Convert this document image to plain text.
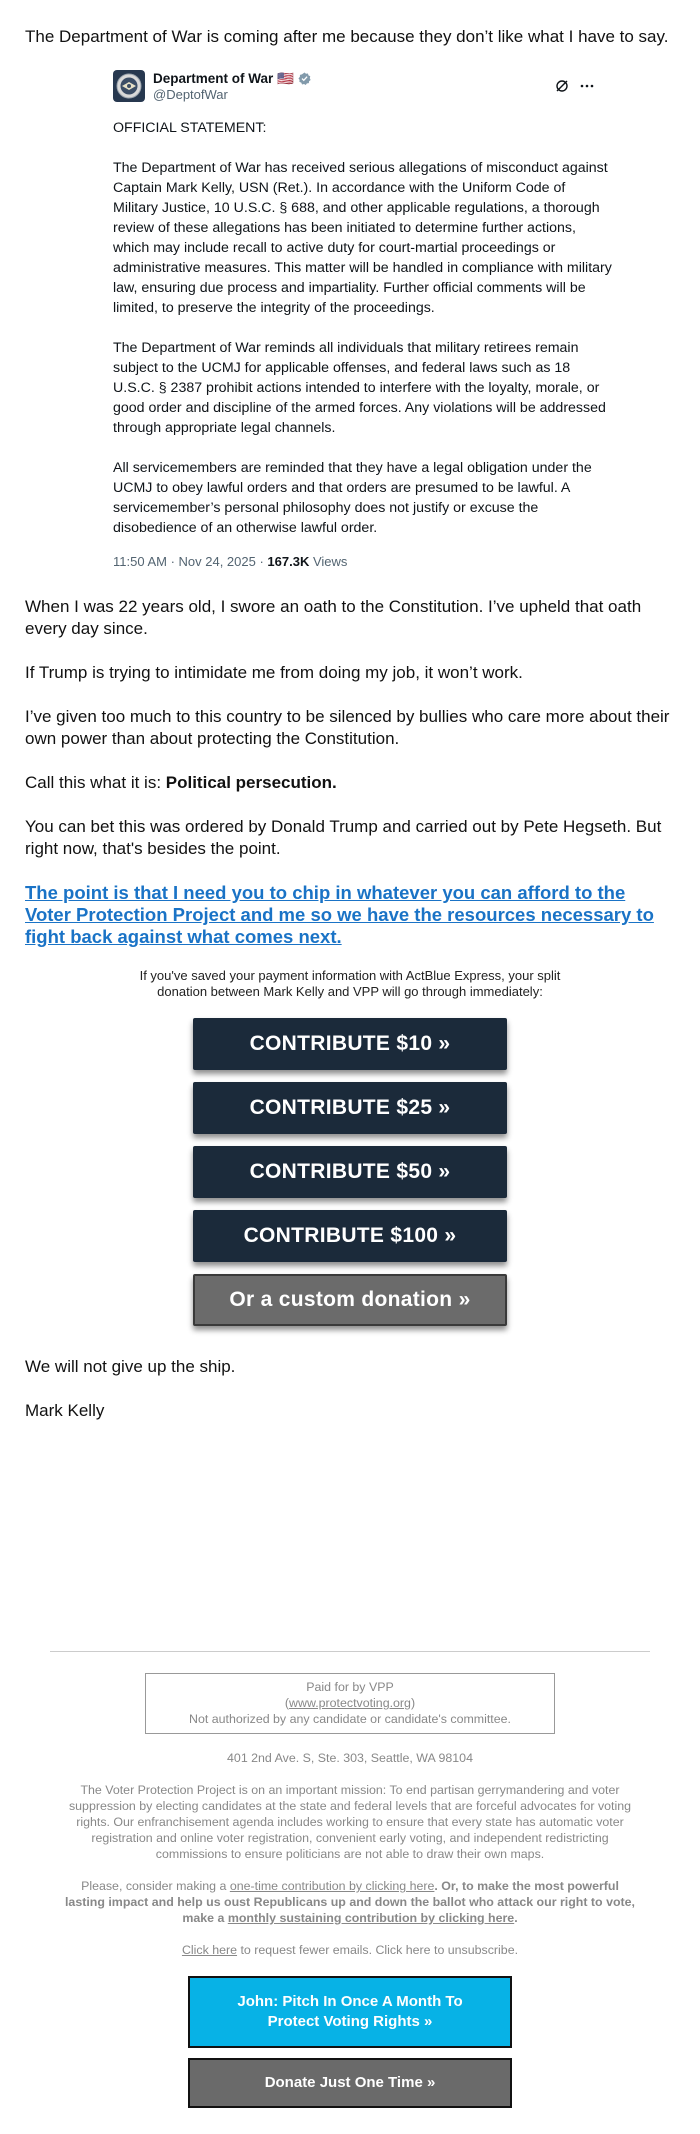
The Department of War is coming after me because they don’t like what I have to say.

Department of War 🇺🇸
@DeptofWar

OFFICIAL STATEMENT:

The Department of War has received serious allegations of misconduct against Captain Mark Kelly, USN (Ret.). In accordance with the Uniform Code of Military Justice, 10 U.S.C. § 688, and other applicable regulations, a thorough review of these allegations has been initiated to determine further actions, which may include recall to active duty for court-martial proceedings or administrative measures. This matter will be handled in compliance with military law, ensuring due process and impartiality. Further official comments will be limited, to preserve the integrity of the proceedings.

The Department of War reminds all individuals that military retirees remain subject to the UCMJ for applicable offenses, and federal laws such as 18 U.S.C. § 2387 prohibit actions intended to interfere with the loyalty, morale, or good order and discipline of the armed forces. Any violations will be addressed through appropriate legal channels.

All servicemembers are reminded that they have a legal obligation under the UCMJ to obey lawful orders and that orders are presumed to be lawful. A servicemember’s personal philosophy does not justify or excuse the disobedience of an otherwise lawful order.

11:50 AM · Nov 24, 2025 · 167.3K Views

When I was 22 years old, I swore an oath to the Constitution. I’ve upheld that oath every day since.

If Trump is trying to intimidate me from doing my job, it won’t work.

I’ve given too much to this country to be silenced by bullies who care more about their own power than about protecting the Constitution.

Call this what it is: Political persecution.

You can bet this was ordered by Donald Trump and carried out by Pete Hegseth. But right now, that's besides the point.

The point is that I need you to chip in whatever you can afford to the Voter Protection Project and me so we have the resources necessary to fight back against what comes next.

If you've saved your payment information with ActBlue Express, your split donation between Mark Kelly and VPP will go through immediately:

CONTRIBUTE $10 »
CONTRIBUTE $25 »
CONTRIBUTE $50 »
CONTRIBUTE $100 »
Or a custom donation »

We will not give up the ship.

Mark Kelly

Paid for by VPP
(www.protectvoting.org)
Not authorized by any candidate or candidate's committee.
401 2nd Ave. S, Ste. 303, Seattle, WA 98104
The Voter Protection Project is on an important mission: To end partisan gerrymandering and voter suppression by electing candidates at the state and federal levels that are forceful advocates for voting rights. Our enfranchisement agenda includes working to ensure that every state has automatic voter registration and online voter registration, convenient early voting, and independent redistricting commissions to ensure politicians are not able to draw their own maps.
Please, consider making a one-time contribution by clicking here. Or, to make the most powerful lasting impact and help us oust Republicans up and down the ballot who attack our right to vote, make a monthly sustaining contribution by clicking here.
Click here to request fewer emails. Click here to unsubscribe.
John: Pitch In Once A Month To Protect Voting Rights »
Donate Just One Time »
